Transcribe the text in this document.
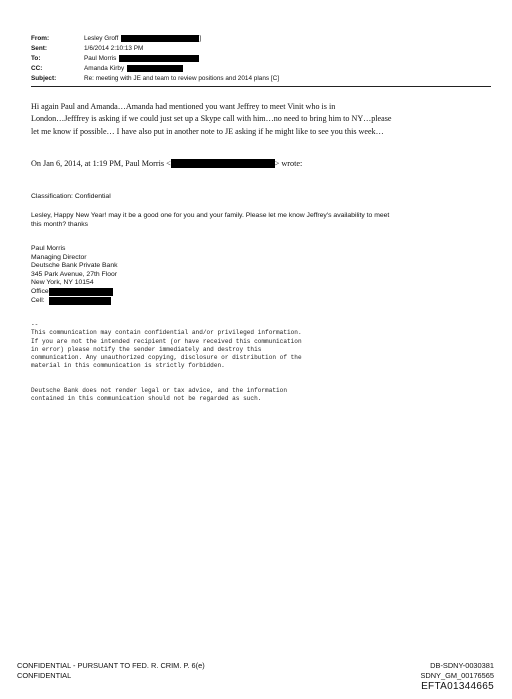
From:	Lesley Groff	]
Sent:	1/6/2014 2:10:13 PM
To:	Paul Morris
CC:	Amanda Kirby
Subject:	Re: meeting with JE and team to review positions and 2014 plans [C]

Hi again Paul and Amanda…Amanda had mentioned you want Jeffrey to meet Vinit who is in

London…Jefffrey is asking if we could just set up a Skype call with him…no need to bring him to NY…please

let me know if possible… I have also put in another note to JE asking if he might like to see you this week…

On Jan 6, 2014, at 1:19 PM, Paul Morris <	> wrote:
Classification: Confidential

Lesley, Happy New Year! may it be a good one for you and your family. Please let me know Jeffrey's availability to meet

this month? thanks

Paul Morris
Managing Director
Deutsche Bank Private Bank
345 Park Avenue, 27th Floor
New York, NY 10154
Office
Cell:

--

This communication may contain confidential and/or privileged information.

If you are not the intended recipient (or have received this communication

in error) please notify the sender immediately and destroy this

communication. Any unauthorized copying, disclosure or distribution of the

material in this communication is strictly forbidden.

Deutsche Bank does not render legal or tax advice, and the information

contained in this communication should not be regarded as such.

CONFIDENTIAL - PURSUANT TO FED. R. CRIM. P. 6(e)
CONFIDENTIAL
DB-SDNY-0030381
SDNY_GM_00176565
EFTA01344665
